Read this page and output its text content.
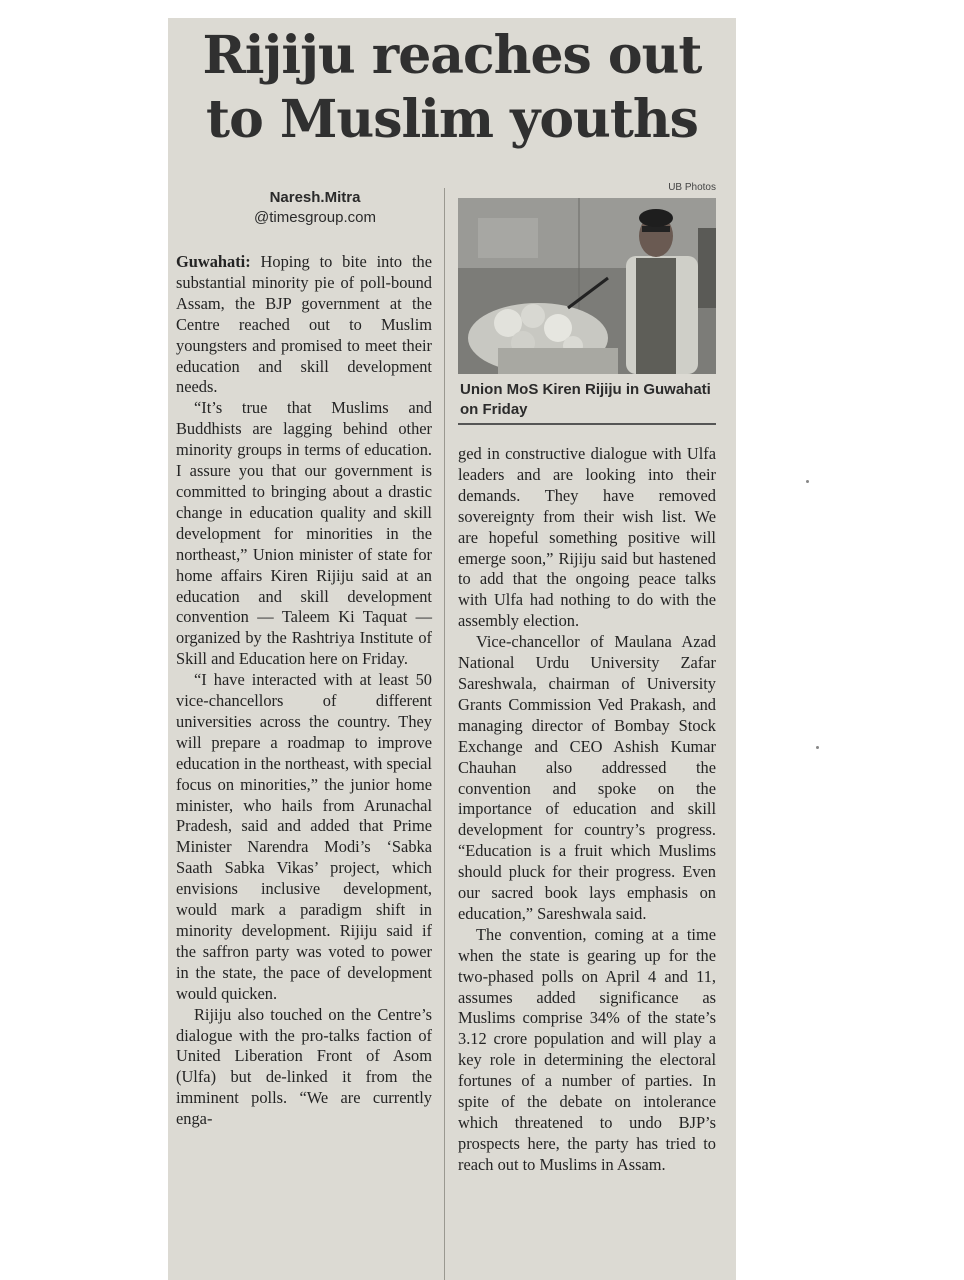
Rijiju reaches out
to Muslim youths
Naresh.Mitra
@timesgroup.com

Guwahati: Hoping to bite into the substantial minority pie of poll-bound Assam, the BJP government at the Centre reached out to Muslim youngsters and promised to meet their education and skill development needs.

“It’s true that Muslims and Buddhists are lagging behind other minority groups in terms of education. I assure you that our government is committed to bringing about a drastic change in education quality and skill development for minorities in the northeast,” Union minister of state for home affairs Kiren Rijiju said at an education and skill development convention — Taleem Ki Taquat — organized by the Rashtriya Institute of Skill and Education here on Friday.

“I have interacted with at least 50 vice-chancellors of different universities across the country. They will prepare a roadmap to improve education in the northeast, with special focus on minorities,” the junior home minister, who hails from Arunachal Pradesh, said and added that Prime Minister Narendra Modi’s ‘Sabka Saath Sabka Vikas’ project, which envisions inclusive development, would mark a paradigm shift in minority development. Rijiju said if the saffron party was voted to power in the state, the pace of development would quicken.

Rijiju also touched on the Centre’s dialogue with the pro-talks faction of United Liberation Front of Asom (Ulfa) but de-linked it from the imminent polls. “We are currently enga-

UB Photos
Union MoS Kiren Rijiju in Guwahati on Friday

ged in constructive dialogue with Ulfa leaders and are looking into their demands. They have removed sovereignty from their wish list. We are hopeful something positive will emerge soon,” Rijiju said but hastened to add that the ongoing peace talks with Ulfa had nothing to do with the assembly election.

Vice-chancellor of Maulana Azad National Urdu University Zafar Sareshwala, chairman of University Grants Commission Ved Prakash, and managing director of Bombay Stock Exchange and CEO Ashish Kumar Chauhan also addressed the convention and spoke on the importance of education and skill development for country’s progress. “Education is a fruit which Muslims should pluck for their progress. Even our sacred book lays emphasis on education,” Sareshwala said.

The convention, coming at a time when the state is gearing up for the two-phased polls on April 4 and 11, assumes added significance as Muslims comprise 34% of the state’s 3.12 crore population and will play a key role in determining the electoral fortunes of a number of parties. In spite of the debate on intolerance which threatened to undo BJP’s prospects here, the party has tried to reach out to Muslims in Assam.
